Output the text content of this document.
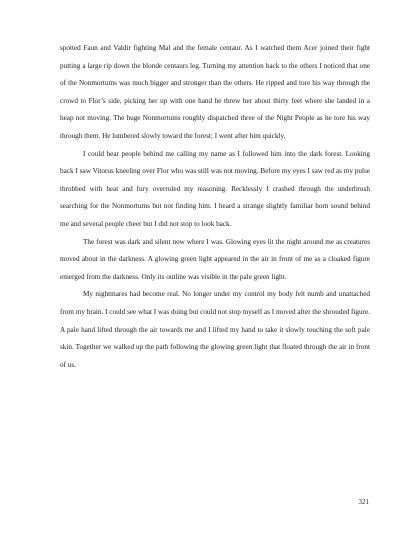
spotted Faun and Valdir fighting Mal and the female centaur. As I watched them Acer joined their fight putting a large rip down the blonde centaurs leg. Turning my attention back to the others I noticed that one of the Nonmortums was much bigger and stronger than the others. He ripped and tore his way through the crowd to Flor’s side, picking her up with one hand he threw her about thirty feet where she landed in a heap not moving. The huge Nonmortums roughly dispatched three of the Night People as he tore his way through them. He lumbered slowly toward the forest; I went after him quickly.

I could hear people behind me calling my name as I followed him into the dark forest. Looking back I saw Vitorus kneeling over Flor who was still was not moving. Before my eyes I saw red as my pulse throbbed with heat and fury overruled my reasoning. Recklessly I crashed through the underbrush searching for the Nonmortums but not finding him. I heard a strange slightly familiar horn sound behind me and several people cheer but I did not stop to look back.

The forest was dark and silent now where I was. Glowing eyes lit the night around me as creatures moved about in the darkness. A glowing green light appeared in the air in front of me as a cloaked figure emerged from the darkness. Only its outline was visible in the pale green light.

My nightmares had become real. No longer under my control my body felt numb and unattached from my brain. I could see what I was doing but could not stop myself as I moved after the shrouded figure. A pale hand lifted through the air towards me and I lifted my hand to take it slowly touching the soft pale skin. Together we walked up the path following the glowing green light that floated through the air in front of us.

321
